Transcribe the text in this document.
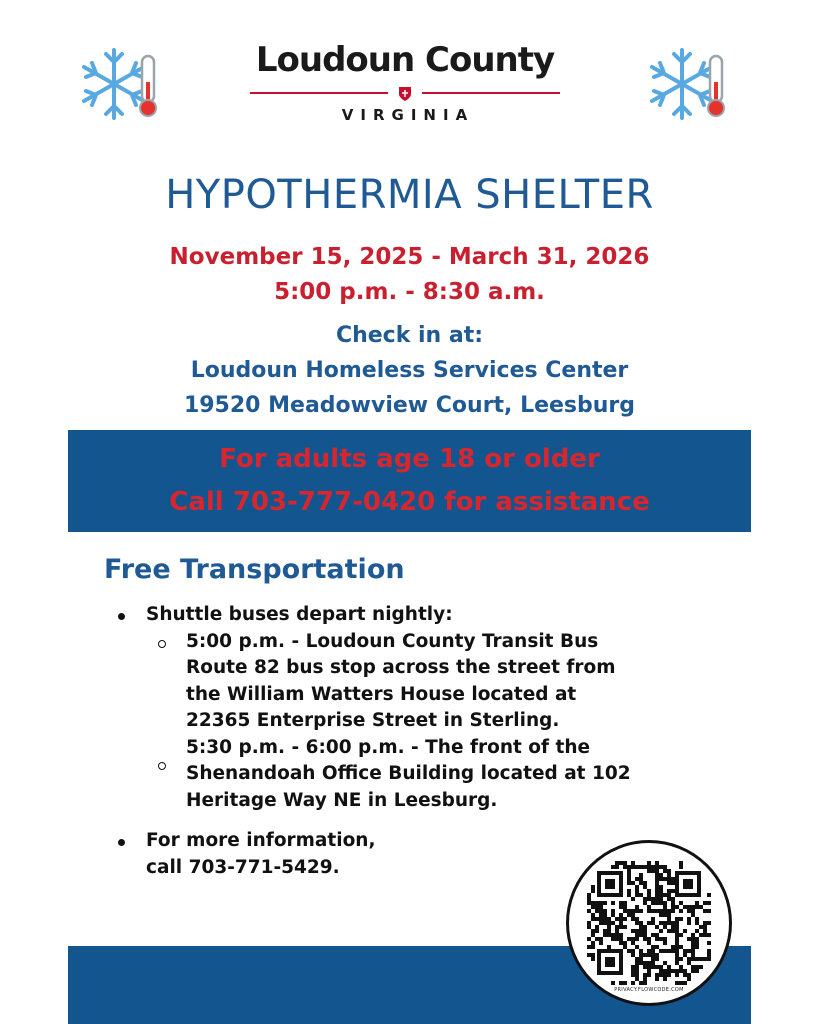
Loudoun County
VIRGINIA
HYPOTHERMIA SHELTER
November 15, 2025 - March 31, 2026
5:00 p.m. - 8:30 a.m.
Check in at:
Loudoun Homeless Services Center
19520 Meadowview Court, Leesburg
For adults age 18 or older
Call 703-777-0420 for assistance
Free Transportation
Shuttle buses depart nightly:
5:00 p.m. - Loudoun County Transit Bus
Route 82 bus stop across the street from
the William Watters House located at
22365 Enterprise Street in Sterling.
5:30 p.m. - 6:00 p.m. - The front of the
Shenandoah Office Building located at 102
Heritage Way NE in Leesburg.
For more information,
call 703-771-5429.
PRIVACY.FLOWCODE.COM
